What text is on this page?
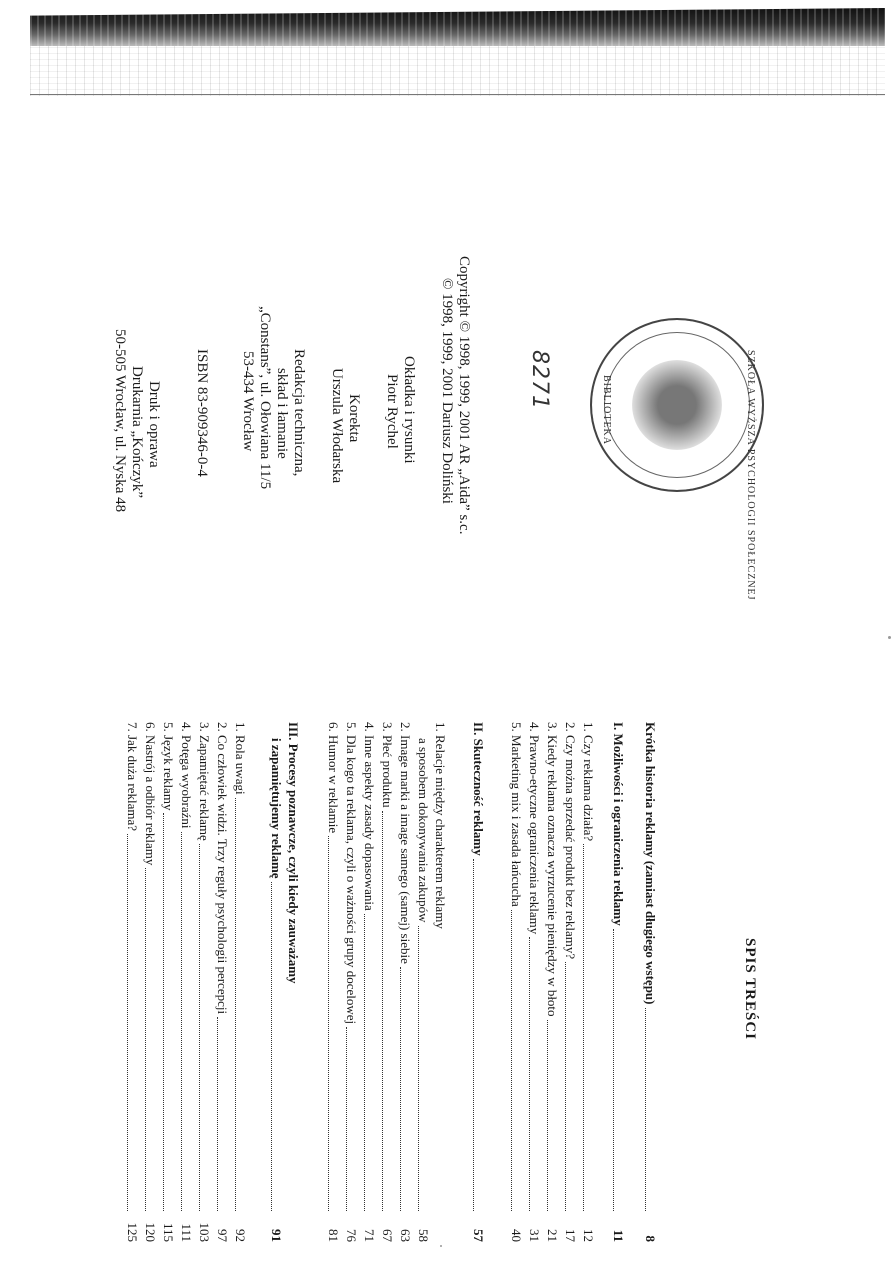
SZKOŁA WYŻSZA PSYCHOLOGII SPOŁECZNEJ
BIBLIOTEKA
8271
Copyright © 1998, 1999, 2001 AR „Aida” s.c.
© 1998, 1999, 2001 Dariusz Doliński
Okładka i rysunki
Piotr Rychel
Korekta
Urszula Włodarska
Redakcja techniczna,
skład i łamanie
„Constans”, ul. Ołowiana 11/5
53-434 Wrocław
ISBN 83-909346-0-4
Druk i oprawa
Drukarnia „Kończyk”
50-505 Wrocław, ul. Nyska 48
SPIS TREŚCI
Krótka historia reklamy (zamiast długiego wstępu)
8
I. Możliwości i ograniczenia reklamy
11
1. Czy reklama działa?
12
2. Czy można sprzedać produkt bez reklamy?
17
3. Kiedy reklama oznacza wyrzucenie pieniędzy w błoto
21
4. Prawno-etyczne ograniczenia reklamy
31
5. Marketing mix i zasada łańcucha
40
II. Skuteczność reklamy
57
1. Relacje między charakterem reklamy
a sposobem dokonywania zakupów
58
2. Image marki a image samego (samej) siebie
63
3. Płeć produktu
67
4. Inne aspekty zasady dopasowania
71
5. Dla kogo ta reklama, czyli o ważności grupy docelowej
76
6. Humor w reklamie
81
III. Procesy poznawcze, czyli kiedy zauważamy
i zapamiętujemy reklamę
91
1. Rola uwagi
92
2. Co człowiek widzi. Trzy reguły psychologii percepcji
97
3. Zapamiętać reklamę
103
4. Potęga wyobraźni
111
5. Język reklamy
115
6. Nastrój a odbiór reklamy
120
7. Jak duża reklama?
125
